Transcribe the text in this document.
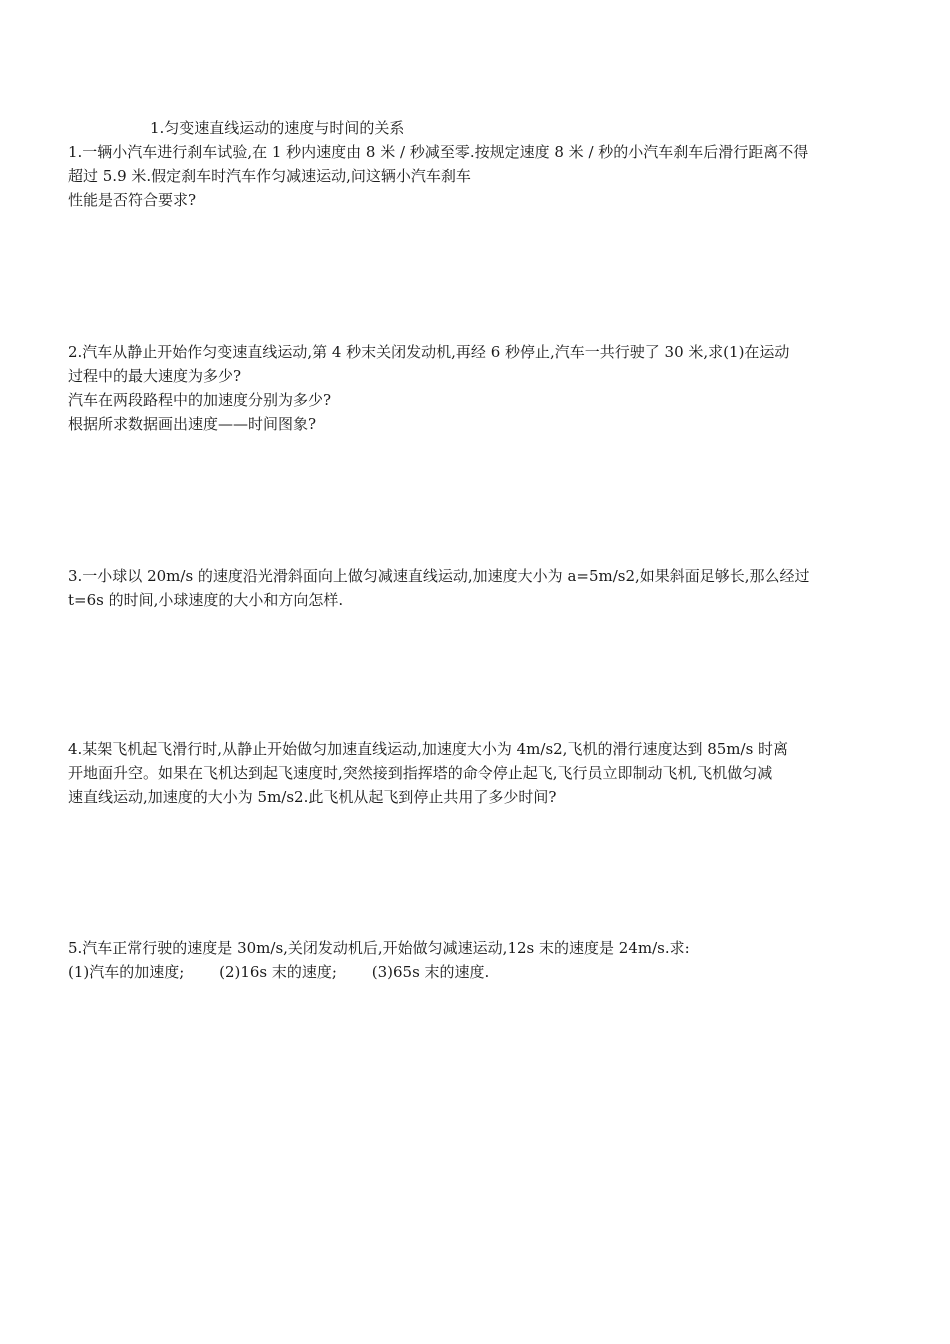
1.匀变速直线运动的速度与时间的关系
1.一辆小汽车进行刹车试验,在 1 秒内速度由 8 米 / 秒减至零.按规定速度 8 米 / 秒的小汽车刹车后滑行距离不得
超过 5.9 米.假定刹车时汽车作匀减速运动,问这辆小汽车刹车
性能是否符合要求?
2.汽车从静止开始作匀变速直线运动,第 4 秒末关闭发动机,再经 6 秒停止,汽车一共行驶了 30 米,求(1)在运动
过程中的最大速度为多少?
汽车在两段路程中的加速度分别为多少?
根据所求数据画出速度——时间图象?
3.一小球以 20m/s 的速度沿光滑斜面向上做匀减速直线运动,加速度大小为 a=5m/s2,如果斜面足够长,那么经过
t=6s 的时间,小球速度的大小和方向怎样.
4.某架飞机起飞滑行时,从静止开始做匀加速直线运动,加速度大小为 4m/s2,飞机的滑行速度达到 85m/s 时离
开地面升空。如果在飞机达到起飞速度时,突然接到指挥塔的命令停止起飞,飞行员立即制动飞机,飞机做匀减
速直线运动,加速度的大小为 5m/s2.此飞机从起飞到停止共用了多少时间?
5.汽车正常行驶的速度是 30m/s,关闭发动机后,开始做匀减速运动,12s 末的速度是 24m/s.求:
(1)汽车的加速度; (2)16s 末的速度; (3)65s 末的速度.
